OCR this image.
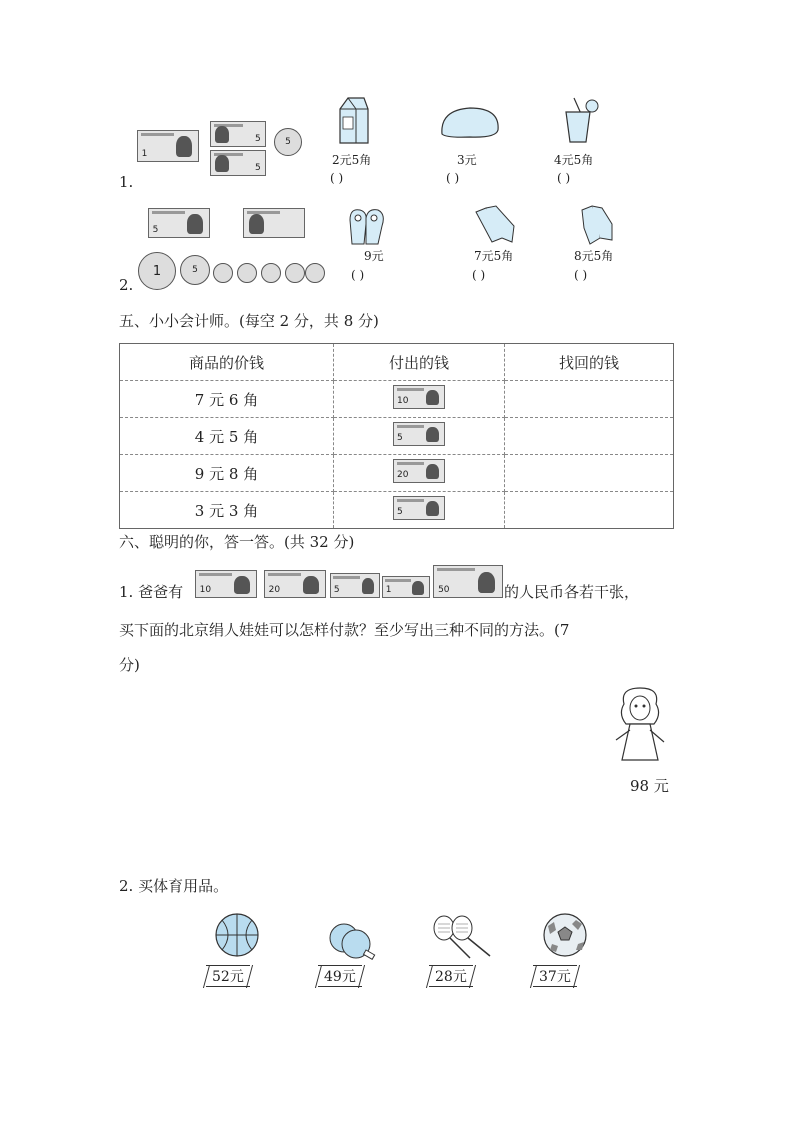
1.
1
5
5
5
2元5角
( )
3元
( )
4元5角
( )
2.
5
1	5
9元
( )
7元5角
( )
8元5角
( )
五、小小会计师。(每空 2 分，共 8 分)
商品的价钱	付出的钱	找回的钱
7 元 6 角	10	

4 元 5 角	5	

9 元 8 角	20	

3 元 3 角	5	

六、聪明的你，答一答。(共 32 分)
1. 爸爸有 10	20	5	1	50	的人民币各若干张，
买下面的北京绢人娃娃可以怎样付款？至少写出三种不同的方法。(7
分)
98 元
2. 买体育用品。
52元	49元	28元	37元
